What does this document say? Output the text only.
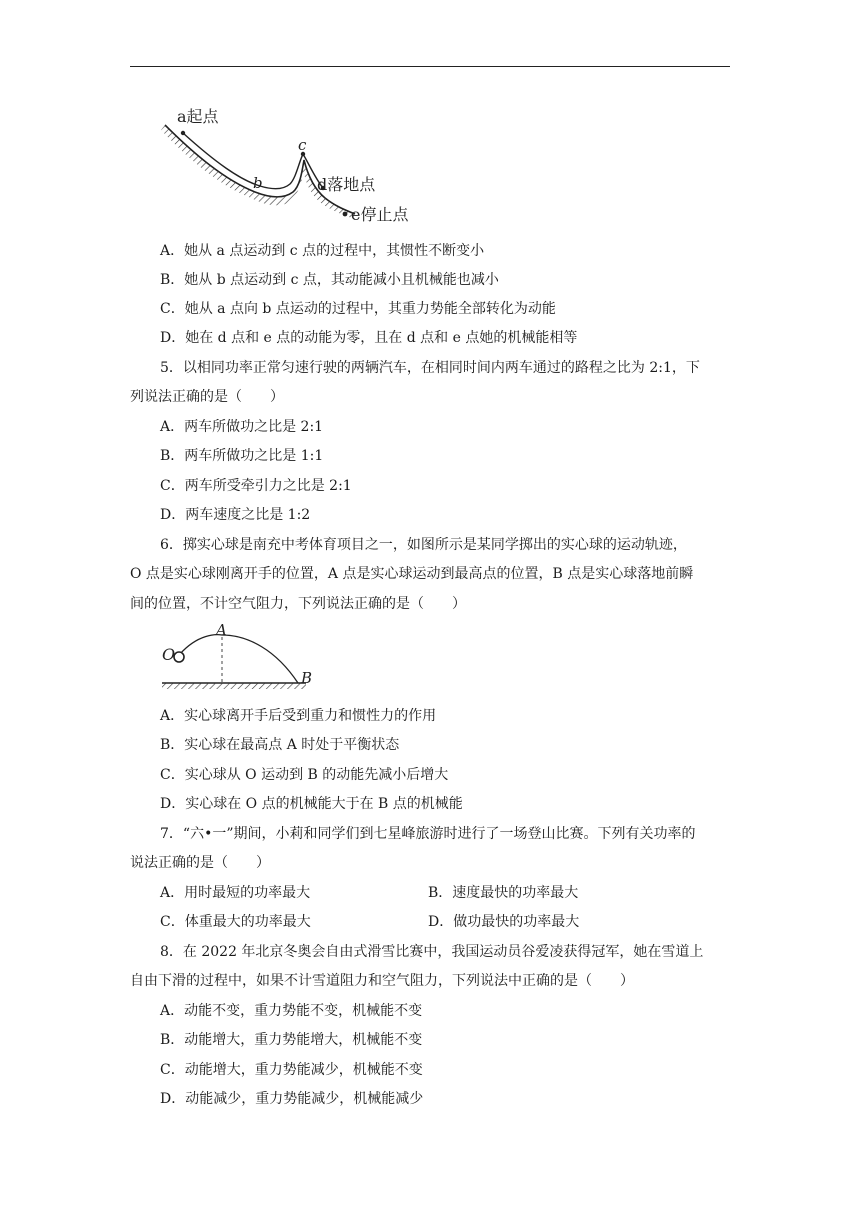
a起点
b
c
d落地点
e停止点
A．她从 a 点运动到 c 点的过程中，其惯性不断变小
B．她从 b 点运动到 c 点，其动能减小且机械能也减小
C．她从 a 点向 b 点运动的过程中，其重力势能全部转化为动能
D．她在 d 点和 e 点的动能为零，且在 d 点和 e 点她的机械能相等
5．以相同功率正常匀速行驶的两辆汽车，在相同时间内两车通过的路程之比为 2:1，下
列说法正确的是（　　）
A．两车所做功之比是 2:1
B．两车所做功之比是 1:1
C．两车所受牵引力之比是 2:1
D．两车速度之比是 1:2
6．掷实心球是南充中考体育项目之一，如图所示是某同学掷出的实心球的运动轨迹，
O 点是实心球刚离开手的位置，A 点是实心球运动到最高点的位置，B 点是实心球落地前瞬
间的位置，不计空气阻力，下列说法正确的是（　　）
O
A
B
A．实心球离开手后受到重力和惯性力的作用
B．实心球在最高点 A 时处于平衡状态
C．实心球从 O 运动到 B 的动能先减小后增大
D．实心球在 O 点的机械能大于在 B 点的机械能
7．“六•一”期间，小莉和同学们到七星峰旅游时进行了一场登山比赛。下列有关功率的
说法正确的是（　　）
A．用时最短的功率最大	B．速度最快的功率最大
C．体重最大的功率最大	D．做功最快的功率最大
8．在 2022 年北京冬奥会自由式滑雪比赛中，我国运动员谷爱凌获得冠军，她在雪道上
自由下滑的过程中，如果不计雪道阻力和空气阻力，下列说法中正确的是（　　）
A．动能不变，重力势能不变，机械能不变
B．动能增大，重力势能增大，机械能不变
C．动能增大，重力势能减少，机械能不变
D．动能减少，重力势能减少，机械能减少
